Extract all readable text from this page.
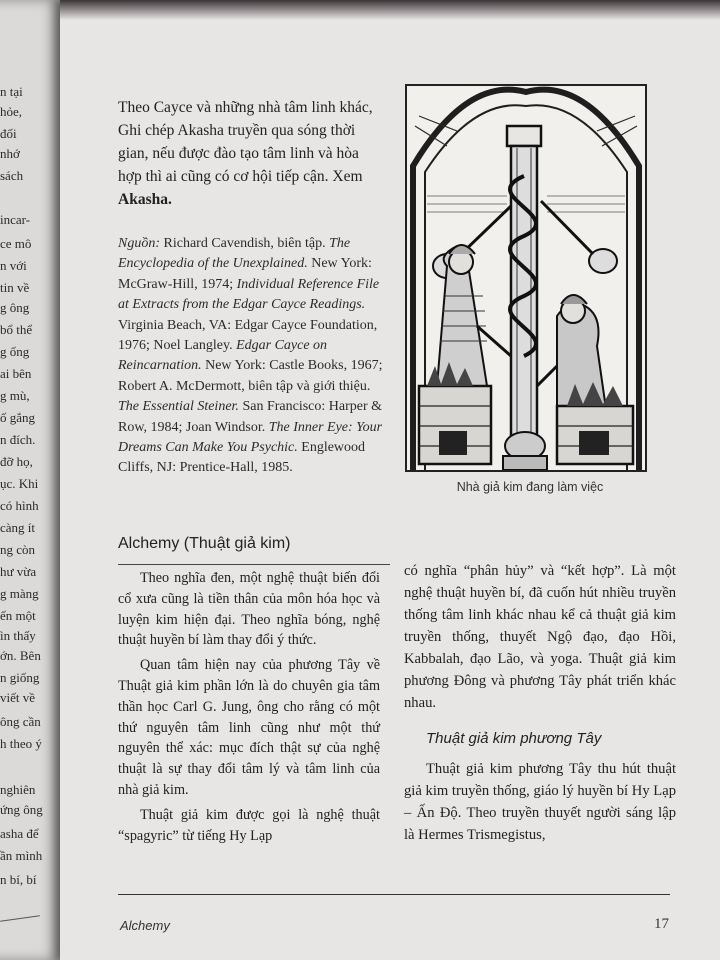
n tại
hỏe,
đối
nhớ
sách
incar-
ce mô
n với
tin về
g ông
bổ thể
g ống
ai bên
g mù,
ố gắng
n đích.
đỡ họ,
ục. Khi
có hình
càng ít
ng còn
hư vừa
g màng
ến một
ìn thấy
ớn. Bên
n giống
viết về
ông cần
h theo ý
nghiên
ứng ông
asha để
ần mình
n bí, bí
Theo Cayce và những nhà tâm linh khác, Ghi chép Akasha truyền qua sóng thời gian, nếu được đào tạo tâm linh và hòa hợp thì ai cũng có cơ hội tiếp cận. Xem Akasha.
Nguồn: Richard Cavendish, biên tập. The Encyclopedia of the Unexplained. New York: McGraw-Hill, 1974; Individual Reference File at Extracts from the Edgar Cayce Readings. Virginia Beach, VA: Edgar Cayce Foundation, 1976; Noel Langley. Edgar Cayce on Reincarnation. New York: Castle Books, 1967; Robert A. McDermott, biên tập và giới thiệu. The Essential Steiner. San Francisco: Harper & Row, 1984; Joan Windsor. The Inner Eye: Your Dreams Can Make You Psychic. Englewood Cliffs, NJ: Prentice-Hall, 1985.
Nhà giả kim đang làm việc
Alchemy (Thuật giả kim)

Theo nghĩa đen, một nghệ thuật biến đổi cổ xưa cũng là tiền thân của môn hóa học và luyện kim hiện đại. Theo nghĩa bóng, nghệ thuật huyền bí làm thay đổi ý thức.

Quan tâm hiện nay của phương Tây về Thuật giả kim phần lớn là do chuyên gia tâm thần học Carl G. Jung, ông cho rằng có một thứ nguyên tâm linh cũng như một thứ nguyên thể xác: mục đích thật sự của nghệ thuật là sự thay đổi tâm lý và tâm linh của nhà giả kim.

Thuật giả kim được gọi là nghệ thuật “spagyric” từ tiếng Hy Lạp

có nghĩa “phân hủy” và “kết hợp”. Là một nghệ thuật huyền bí, đã cuốn hút nhiều truyền thống tâm linh khác nhau kể cả thuật giả kim truyền thống, thuyết Ngộ đạo, đạo Hồi, Kabbalah, đạo Lão, và yoga. Thuật giả kim phương Đông và phương Tây phát triển khác nhau.

Thuật giả kim phương Tây

Thuật giả kim phương Tây thu hút thuật giả kim truyền thống, giáo lý huyền bí Hy Lạp – Ấn Độ. Theo truyền thuyết người sáng lập là Hermes Trismegistus,

Alchemy	17
